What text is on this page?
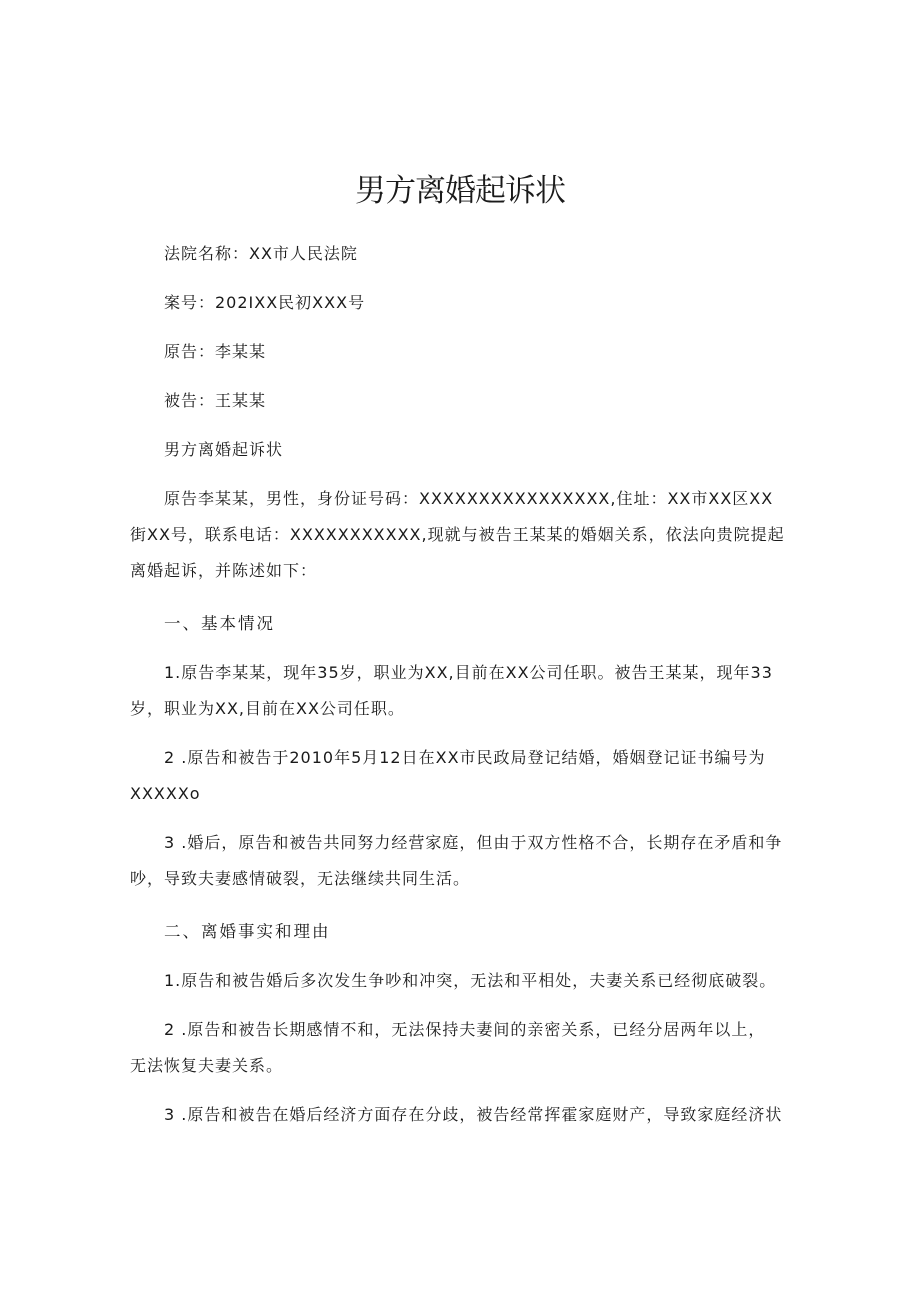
男方离婚起诉状

法院名称：XX市人民法院

案号：202IXX民初XXX号

原告：李某某

被告：王某某

男方离婚起诉状

原告李某某，男性，身份证号码：XXXXXXXXXXXXXXXX,住址：XX市XX区XX

街XX号，联系电话：XXXXXXXXXXX,现就与被告王某某的婚姻关系，依法向贵院提起

离婚起诉，并陈述如下：

一、基本情况

1.原告李某某，现年35岁，职业为XX,目前在XX公司任职。被告王某某，现年33

岁，职业为XX,目前在XX公司任职。

2 .原告和被告于2010年5月12日在XX市民政局登记结婚，婚姻登记证书编号为

XXXXXo

3 .婚后，原告和被告共同努力经营家庭，但由于双方性格不合，长期存在矛盾和争

吵，导致夫妻感情破裂，无法继续共同生活。

二、离婚事实和理由

1.原告和被告婚后多次发生争吵和冲突，无法和平相处，夫妻关系已经彻底破裂。

2 .原告和被告长期感情不和，无法保持夫妻间的亲密关系，已经分居两年以上，

无法恢复夫妻关系。

3 .原告和被告在婚后经济方面存在分歧，被告经常挥霍家庭财产，导致家庭经济状
